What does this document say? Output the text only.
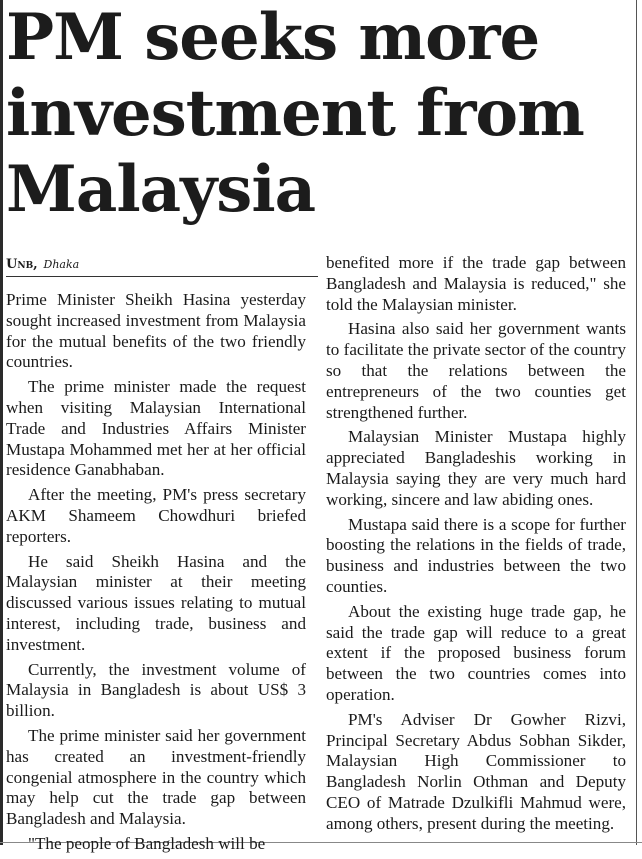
PM seeks more investment from Malaysia
Unb, Dhaka

Prime Minister Sheikh Hasina yesterday sought increased investment from Malaysia for the mutual benefits of the two friendly countries.

The prime minister made the request when visiting Malaysian International Trade and Industries Affairs Minister Mustapa Mohammed met her at her official residence Ganabhaban.

After the meeting, PM's press secretary AKM Shameem Chowdhuri briefed reporters.

He said Sheikh Hasina and the Malaysian minister at their meeting discussed various issues relating to mutual interest, including trade, business and investment.

Currently, the investment volume of Malaysia in Bangladesh is about US$ 3 billion.

The prime minister said her government has created an investment-friendly congenial atmosphere in the country which may help cut the trade gap between Bangladesh and Malaysia.

"The people of Bangladesh will be

benefited more if the trade gap between Bangladesh and Malaysia is reduced," she told the Malaysian minister.

Hasina also said her government wants to facilitate the private sector of the country so that the relations between the entrepreneurs of the two counties get strengthened further.

Malaysian Minister Mustapa highly appreciated Bangladeshis working in Malaysia saying they are very much hard working, sincere and law abiding ones.

Mustapa said there is a scope for further boosting the relations in the fields of trade, business and industries between the two counties.

About the existing huge trade gap, he said the trade gap will reduce to a great extent if the proposed business forum between the two countries comes into operation.

PM's Adviser Dr Gowher Rizvi, Principal Secretary Abdus Sobhan Sikder, Malaysian High Commissioner to Bangladesh Norlin Othman and Deputy CEO of Matrade Dzulkifli Mahmud were, among others, present during the meeting.
